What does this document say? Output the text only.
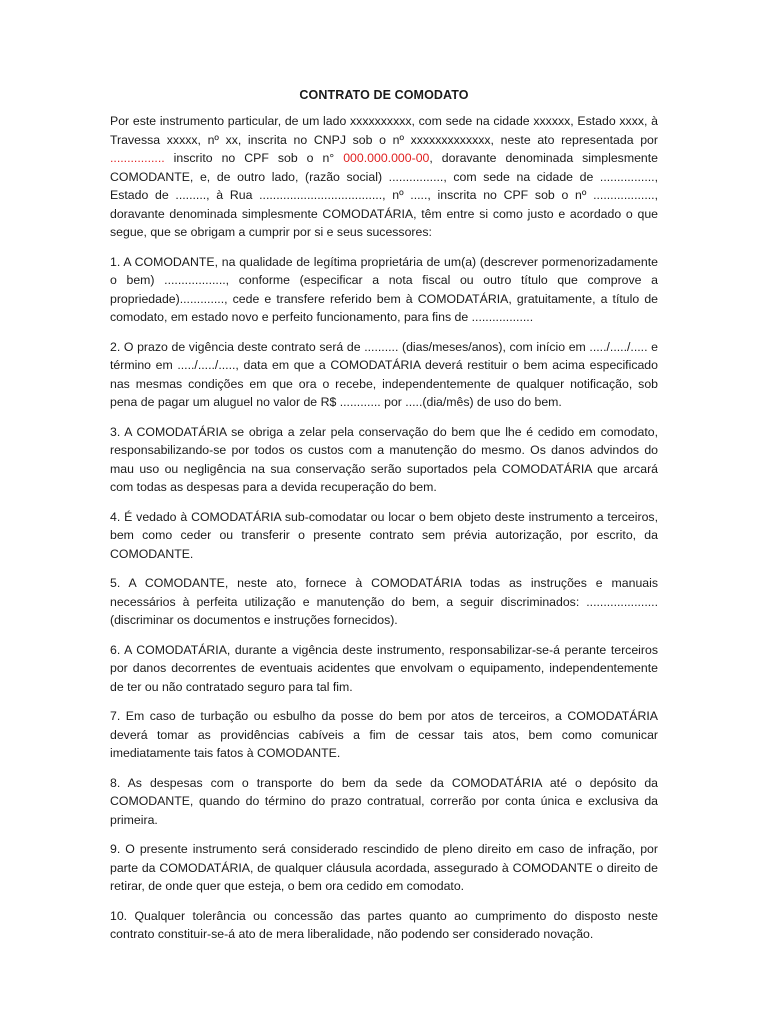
CONTRATO DE COMODATO

Por este instrumento particular, de um lado xxxxxxxxxx, com sede na cidade xxxxxx, Estado xxxx, à Travessa xxxxx, nº xx, inscrita no CNPJ sob o nº xxxxxxxxxxxxx, neste ato representada por ................ inscrito no CPF sob o n° 000.000.000-00, doravante denominada simplesmente COMODANTE, e, de outro lado, (razão social) ................, com sede na cidade de ................, Estado de ........., à Rua ...................................., nº ....., inscrita no CPF sob o nº .................., doravante denominada simplesmente COMODATÁRIA, têm entre si como justo e acordado o que segue, que se obrigam a cumprir por si e seus sucessores:

1. A COMODANTE, na qualidade de legítima proprietária de um(a) (descrever pormenorizadamente o bem) .................., conforme (especificar a nota fiscal ou outro título que comprove a propriedade)............., cede e transfere referido bem à COMODATÁRIA, gratuitamente, a título de comodato, em estado novo e perfeito funcionamento, para fins de ..................

2. O prazo de vigência deste contrato será de .......... (dias/meses/anos), com início em ...../...../..... e término em ...../...../....., data em que a COMODATÁRIA deverá restituir o bem acima especificado nas mesmas condições em que ora o recebe, independentemente de qualquer notificação, sob pena de pagar um aluguel no valor de R$ ............ por .....(dia/mês) de uso do bem.

3. A COMODATÁRIA se obriga a zelar pela conservação do bem que lhe é cedido em comodato, responsabilizando-se por todos os custos com a manutenção do mesmo. Os danos advindos do mau uso ou negligência na sua conservação serão suportados pela COMODATÁRIA que arcará com todas as despesas para a devida recuperação do bem.

4. É vedado à COMODATÁRIA sub-comodatar ou locar o bem objeto deste instrumento a terceiros, bem como ceder ou transferir o presente contrato sem prévia autorização, por escrito, da COMODANTE.

5. A COMODANTE, neste ato, fornece à COMODATÁRIA todas as instruções e manuais necessários à perfeita utilização e manutenção do bem, a seguir discriminados: ..................... (discriminar os documentos e instruções fornecidos).

6. A COMODATÁRIA, durante a vigência deste instrumento, responsabilizar-se-á perante terceiros por danos decorrentes de eventuais acidentes que envolvam o equipamento, independentemente de ter ou não contratado seguro para tal fim.

7. Em caso de turbação ou esbulho da posse do bem por atos de terceiros, a COMODATÁRIA deverá tomar as providências cabíveis a fim de cessar tais atos, bem como comunicar imediatamente tais fatos à COMODANTE.

8. As despesas com o transporte do bem da sede da COMODATÁRIA até o depósito da COMODANTE, quando do término do prazo contratual, correrão por conta única e exclusiva da primeira.

9. O presente instrumento será considerado rescindido de pleno direito em caso de infração, por parte da COMODATÁRIA, de qualquer cláusula acordada, assegurado à COMODANTE o direito de retirar, de onde quer que esteja, o bem ora cedido em comodato.

10. Qualquer tolerância ou concessão das partes quanto ao cumprimento do disposto neste contrato constituir-se-á ato de mera liberalidade, não podendo ser considerado novação.
